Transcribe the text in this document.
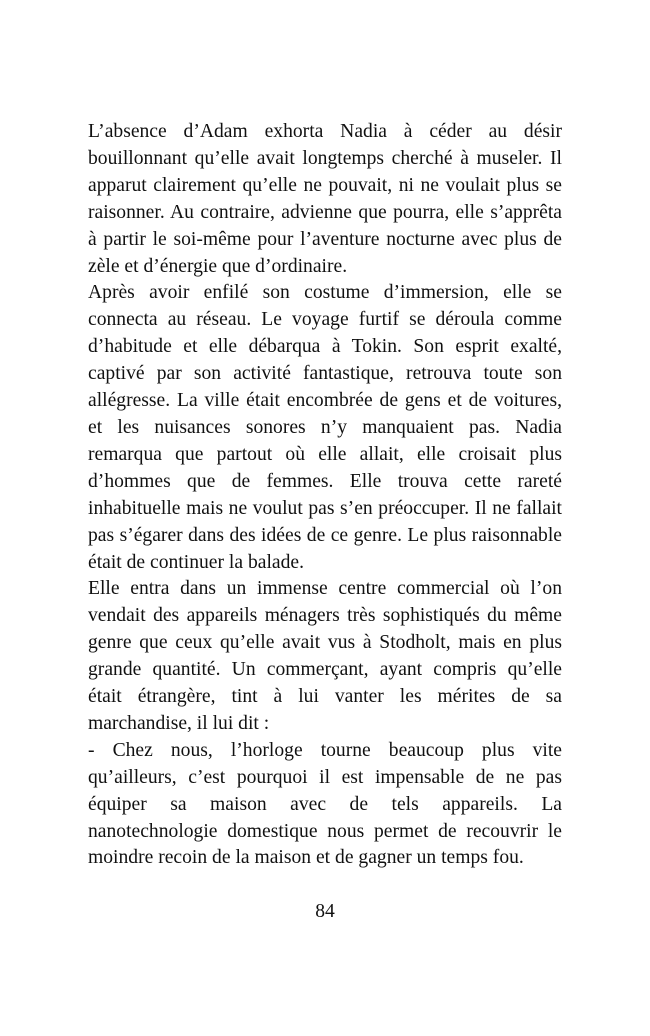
L’absence d’Adam exhorta Nadia à céder au désir bouillonnant qu’elle avait longtemps cherché à museler. Il apparut clairement qu’elle ne pouvait, ni ne voulait plus se raisonner. Au contraire, advienne que pourra, elle s’apprêta à partir le soi-même pour l’aventure nocturne avec plus de zèle et d’énergie que d’ordinaire.

Après avoir enfilé son costume d’immersion, elle se connecta au réseau. Le voyage furtif se déroula comme d’habitude et elle débarqua à Tokin. Son esprit exalté, captivé par son activité fantastique, retrouva toute son allégresse. La ville était encombrée de gens et de voitures, et les nuisances sonores n’y manquaient pas. Nadia remarqua que partout où elle allait, elle croisait plus d’hommes que de femmes. Elle trouva cette rareté inhabituelle mais ne voulut pas s’en préoccuper. Il ne fallait pas s’égarer dans des idées de ce genre. Le plus raisonnable était de continuer la balade.

Elle entra dans un immense centre commercial où l’on vendait des appareils ménagers très sophistiqués du même genre que ceux qu’elle avait vus à Stodholt, mais en plus grande quantité. Un commerçant, ayant compris qu’elle était étrangère, tint à lui vanter les mérites de sa marchandise, il lui dit :

- Chez nous, l’horloge tourne beaucoup plus vite qu’ailleurs, c’est pourquoi il est impensable de ne pas équiper sa maison avec de tels appareils. La nanotechnologie domestique nous permet de recouvrir le moindre recoin de la maison et de gagner un temps fou.

84
